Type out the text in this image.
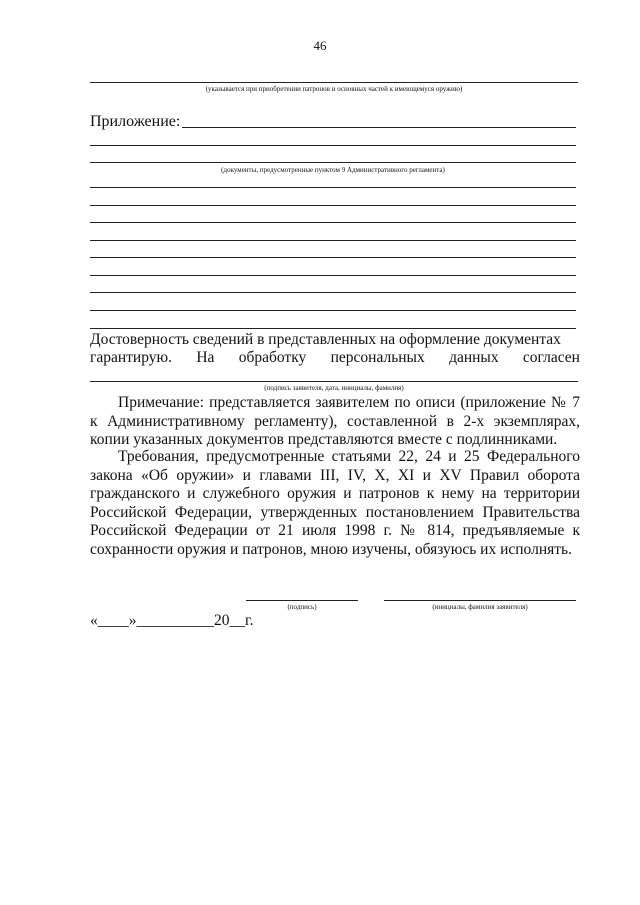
46
(указывается при приобретении патронов и основных частей к имеющемуся оружию)
Приложение:
(документы, предусмотренные пунктом 9 Административного регламента)
Достоверность сведений в представленных на оформление документах
гарантирую. На обработку персональных данных согласен
(подпись заявителя, дата, инициалы, фамилия)
Примечание: представляется заявителем по описи (приложение № 7 к Административному регламенту), составленной в 2-х экземплярах, копии указанных документов представляются вместе с подлинниками.
Требования, предусмотренные статьями 22, 24 и 25 Федерального закона «Об оружии» и главами III, IV, X, XI и XV Правил оборота гражданского и служебного оружия и патронов к нему на территории Российской Федерации, утвержденных постановлением Правительства Российской Федерации от 21 июля 1998 г. № 814, предъявляемые к сохранности оружия и патронов, мною изучены, обязуюсь их исполнять.
(подпись)	(инициалы, фамилия заявителя)
«____»__________20__г.
